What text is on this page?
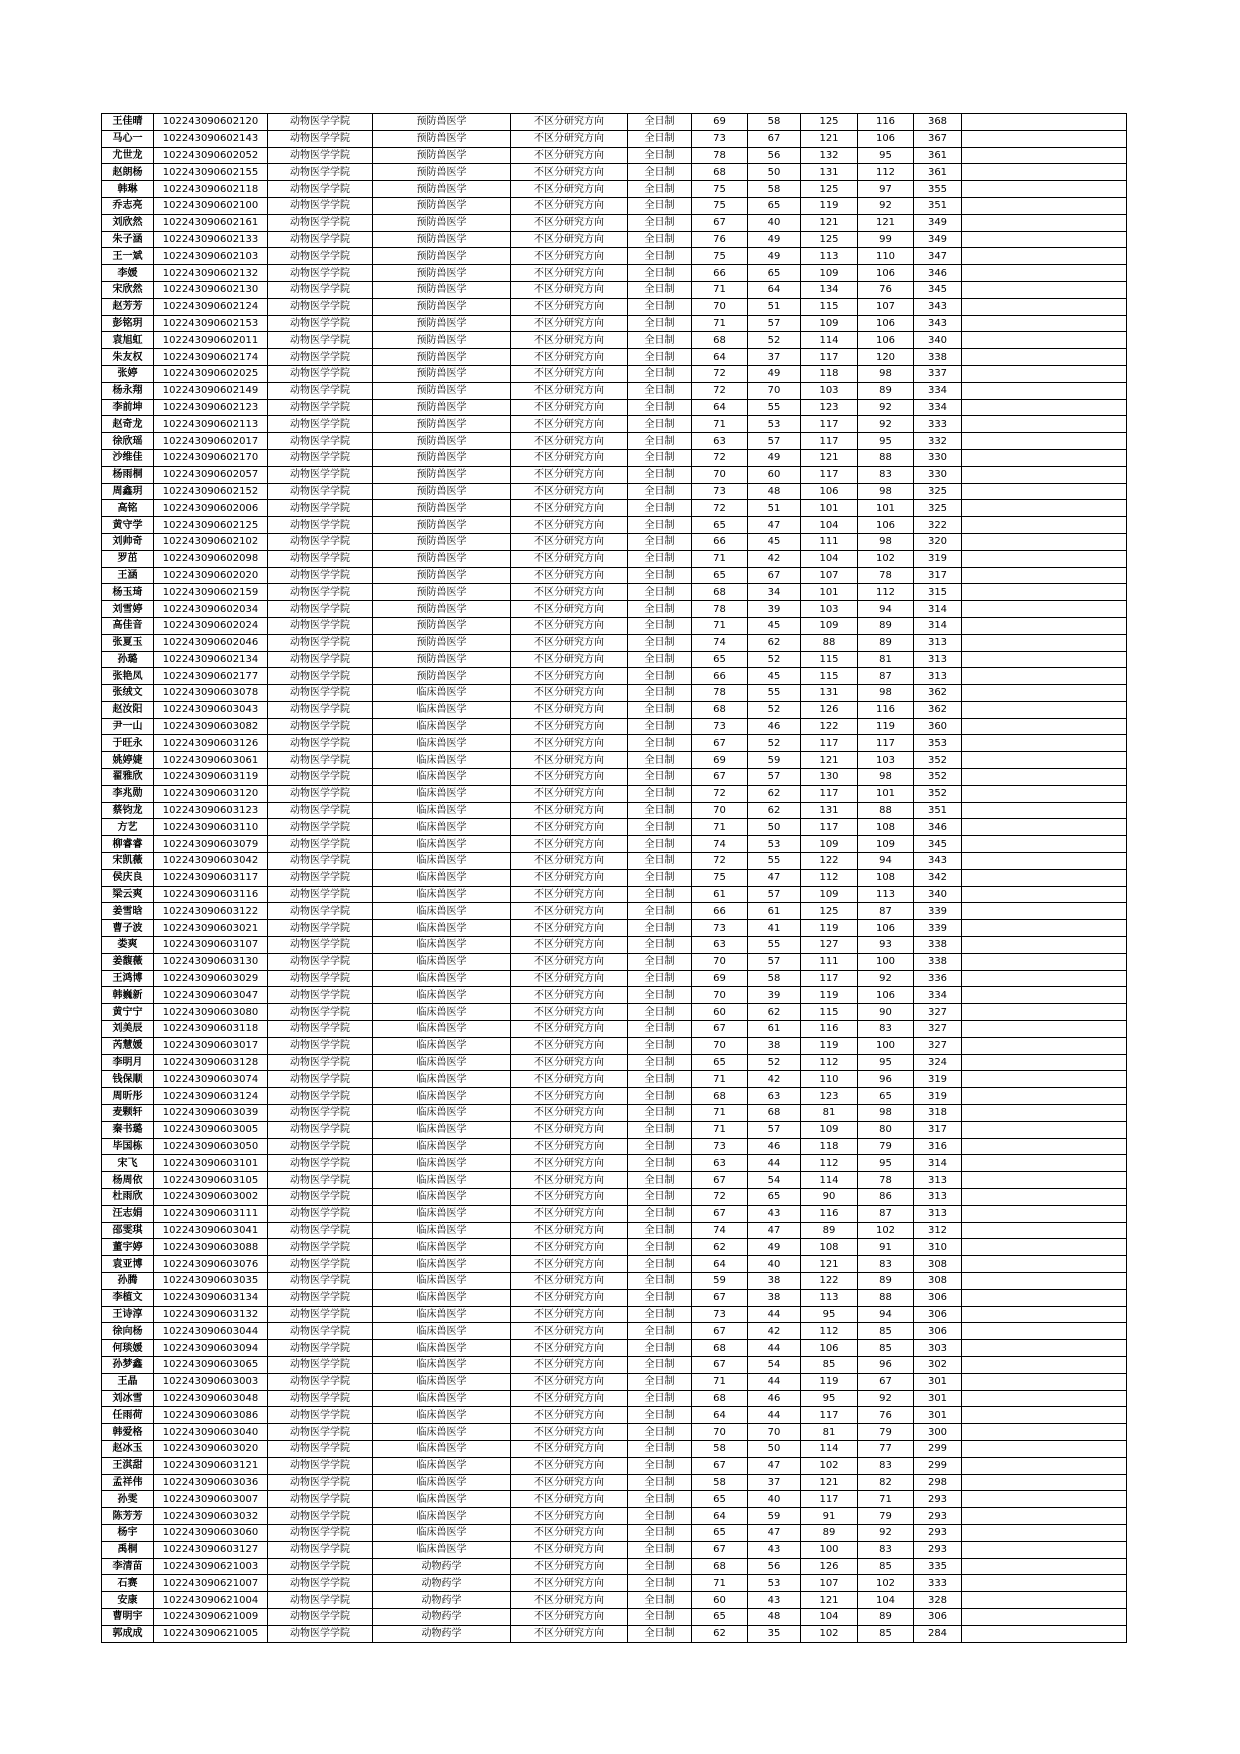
王佳晴	102243090602120	动物医学学院	预防兽医学	不区分研究方向	全日制	69	58	125	116	368	
马心一	102243090602143	动物医学学院	预防兽医学	不区分研究方向	全日制	73	67	121	106	367	
尤世龙	102243090602052	动物医学学院	预防兽医学	不区分研究方向	全日制	78	56	132	95	361	
赵朗杨	102243090602155	动物医学学院	预防兽医学	不区分研究方向	全日制	68	50	131	112	361	
韩琳	102243090602118	动物医学学院	预防兽医学	不区分研究方向	全日制	75	58	125	97	355	
乔志亮	102243090602100	动物医学学院	预防兽医学	不区分研究方向	全日制	75	65	119	92	351	
刘欣然	102243090602161	动物医学学院	预防兽医学	不区分研究方向	全日制	67	40	121	121	349	
朱子涵	102243090602133	动物医学学院	预防兽医学	不区分研究方向	全日制	76	49	125	99	349	
王一斌	102243090602103	动物医学学院	预防兽医学	不区分研究方向	全日制	75	49	113	110	347	
李媛	102243090602132	动物医学学院	预防兽医学	不区分研究方向	全日制	66	65	109	106	346	
宋欣然	102243090602130	动物医学学院	预防兽医学	不区分研究方向	全日制	71	64	134	76	345	
赵芳芳	102243090602124	动物医学学院	预防兽医学	不区分研究方向	全日制	70	51	115	107	343	
彭铭玥	102243090602153	动物医学学院	预防兽医学	不区分研究方向	全日制	71	57	109	106	343	
袁旭虹	102243090602011	动物医学学院	预防兽医学	不区分研究方向	全日制	68	52	114	106	340	
朱友权	102243090602174	动物医学学院	预防兽医学	不区分研究方向	全日制	64	37	117	120	338	
张婷	102243090602025	动物医学学院	预防兽医学	不区分研究方向	全日制	72	49	118	98	337	
杨永翔	102243090602149	动物医学学院	预防兽医学	不区分研究方向	全日制	72	70	103	89	334	
李前坤	102243090602123	动物医学学院	预防兽医学	不区分研究方向	全日制	64	55	123	92	334	
赵奇龙	102243090602113	动物医学学院	预防兽医学	不区分研究方向	全日制	71	53	117	92	333	
徐欣瑶	102243090602017	动物医学学院	预防兽医学	不区分研究方向	全日制	63	57	117	95	332	
沙维佳	102243090602170	动物医学学院	预防兽医学	不区分研究方向	全日制	72	49	121	88	330	
杨雨桐	102243090602057	动物医学学院	预防兽医学	不区分研究方向	全日制	70	60	117	83	330	
周鑫玥	102243090602152	动物医学学院	预防兽医学	不区分研究方向	全日制	73	48	106	98	325	
高铭	102243090602006	动物医学学院	预防兽医学	不区分研究方向	全日制	72	51	101	101	325	
黄守学	102243090602125	动物医学学院	预防兽医学	不区分研究方向	全日制	65	47	104	106	322	
刘帅奇	102243090602102	动物医学学院	预防兽医学	不区分研究方向	全日制	66	45	111	98	320	
罗茁	102243090602098	动物医学学院	预防兽医学	不区分研究方向	全日制	71	42	104	102	319	
王涵	102243090602020	动物医学学院	预防兽医学	不区分研究方向	全日制	65	67	107	78	317	
杨玉琦	102243090602159	动物医学学院	预防兽医学	不区分研究方向	全日制	68	34	101	112	315	
刘雪婷	102243090602034	动物医学学院	预防兽医学	不区分研究方向	全日制	78	39	103	94	314	
高佳音	102243090602024	动物医学学院	预防兽医学	不区分研究方向	全日制	71	45	109	89	314	
张夏玉	102243090602046	动物医学学院	预防兽医学	不区分研究方向	全日制	74	62	88	89	313	
孙璐	102243090602134	动物医学学院	预防兽医学	不区分研究方向	全日制	65	52	115	81	313	
张艳凤	102243090602177	动物医学学院	预防兽医学	不区分研究方向	全日制	66	45	115	87	313	
张绒文	102243090603078	动物医学学院	临床兽医学	不区分研究方向	全日制	78	55	131	98	362	
赵汝阳	102243090603043	动物医学学院	临床兽医学	不区分研究方向	全日制	68	52	126	116	362	
尹一山	102243090603082	动物医学学院	临床兽医学	不区分研究方向	全日制	73	46	122	119	360	
于旺永	102243090603126	动物医学学院	临床兽医学	不区分研究方向	全日制	67	52	117	117	353	
姚婷婕	102243090603061	动物医学学院	临床兽医学	不区分研究方向	全日制	69	59	121	103	352	
翟雅欣	102243090603119	动物医学学院	临床兽医学	不区分研究方向	全日制	67	57	130	98	352	
李兆勋	102243090603120	动物医学学院	临床兽医学	不区分研究方向	全日制	72	62	117	101	352	
蔡钧龙	102243090603123	动物医学学院	临床兽医学	不区分研究方向	全日制	70	62	131	88	351	
方艺	102243090603110	动物医学学院	临床兽医学	不区分研究方向	全日制	71	50	117	108	346	
柳睿睿	102243090603079	动物医学学院	临床兽医学	不区分研究方向	全日制	74	53	109	109	345	
宋凯薇	102243090603042	动物医学学院	临床兽医学	不区分研究方向	全日制	72	55	122	94	343	
侯庆良	102243090603117	动物医学学院	临床兽医学	不区分研究方向	全日制	75	47	112	108	342	
梁云爽	102243090603116	动物医学学院	临床兽医学	不区分研究方向	全日制	61	57	109	113	340	
姜雪晗	102243090603122	动物医学学院	临床兽医学	不区分研究方向	全日制	66	61	125	87	339	
曹子波	102243090603021	动物医学学院	临床兽医学	不区分研究方向	全日制	73	41	119	106	339	
娄爽	102243090603107	动物医学学院	临床兽医学	不区分研究方向	全日制	63	55	127	93	338	
姜馥薇	102243090603130	动物医学学院	临床兽医学	不区分研究方向	全日制	70	57	111	100	338	
王鸿博	102243090603029	动物医学学院	临床兽医学	不区分研究方向	全日制	69	58	117	92	336	
韩巍新	102243090603047	动物医学学院	临床兽医学	不区分研究方向	全日制	70	39	119	106	334	
黄宁宁	102243090603080	动物医学学院	临床兽医学	不区分研究方向	全日制	60	62	115	90	327	
刘美辰	102243090603118	动物医学学院	临床兽医学	不区分研究方向	全日制	67	61	116	83	327	
芮慧媛	102243090603017	动物医学学院	临床兽医学	不区分研究方向	全日制	70	38	119	100	327	
李明月	102243090603128	动物医学学院	临床兽医学	不区分研究方向	全日制	65	52	112	95	324	
钱保顺	102243090603074	动物医学学院	临床兽医学	不区分研究方向	全日制	71	42	110	96	319	
周昕彤	102243090603124	动物医学学院	临床兽医学	不区分研究方向	全日制	68	63	123	65	319	
麦颗轩	102243090603039	动物医学学院	临床兽医学	不区分研究方向	全日制	71	68	81	98	318	
秦书璐	102243090603005	动物医学学院	临床兽医学	不区分研究方向	全日制	71	57	109	80	317	
毕国栋	102243090603050	动物医学学院	临床兽医学	不区分研究方向	全日制	73	46	118	79	316	
宋飞	102243090603101	动物医学学院	临床兽医学	不区分研究方向	全日制	63	44	112	95	314	
杨周依	102243090603105	动物医学学院	临床兽医学	不区分研究方向	全日制	67	54	114	78	313	
杜雨欣	102243090603002	动物医学学院	临床兽医学	不区分研究方向	全日制	72	65	90	86	313	
汪志娟	102243090603111	动物医学学院	临床兽医学	不区分研究方向	全日制	67	43	116	87	313	
邵雯琪	102243090603041	动物医学学院	临床兽医学	不区分研究方向	全日制	74	47	89	102	312	
董宇婷	102243090603088	动物医学学院	临床兽医学	不区分研究方向	全日制	62	49	108	91	310	
袁亚博	102243090603076	动物医学学院	临床兽医学	不区分研究方向	全日制	64	40	121	83	308	
孙腾	102243090603035	动物医学学院	临床兽医学	不区分研究方向	全日制	59	38	122	89	308	
李植文	102243090603134	动物医学学院	临床兽医学	不区分研究方向	全日制	67	38	113	88	306	
王诗淳	102243090603132	动物医学学院	临床兽医学	不区分研究方向	全日制	73	44	95	94	306	
徐向杨	102243090603044	动物医学学院	临床兽医学	不区分研究方向	全日制	67	42	112	85	306	
何琰媛	102243090603094	动物医学学院	临床兽医学	不区分研究方向	全日制	68	44	106	85	303	
孙梦鑫	102243090603065	动物医学学院	临床兽医学	不区分研究方向	全日制	67	54	85	96	302	
王晶	102243090603003	动物医学学院	临床兽医学	不区分研究方向	全日制	71	44	119	67	301	
刘冰雪	102243090603048	动物医学学院	临床兽医学	不区分研究方向	全日制	68	46	95	92	301	
任雨荷	102243090603086	动物医学学院	临床兽医学	不区分研究方向	全日制	64	44	117	76	301	
韩爱格	102243090603040	动物医学学院	临床兽医学	不区分研究方向	全日制	70	70	81	79	300	
赵冰玉	102243090603020	动物医学学院	临床兽医学	不区分研究方向	全日制	58	50	114	77	299	
王淇甜	102243090603121	动物医学学院	临床兽医学	不区分研究方向	全日制	67	47	102	83	299	
孟祥伟	102243090603036	动物医学学院	临床兽医学	不区分研究方向	全日制	58	37	121	82	298	
孙雯	102243090603007	动物医学学院	临床兽医学	不区分研究方向	全日制	65	40	117	71	293	
陈芳芳	102243090603032	动物医学学院	临床兽医学	不区分研究方向	全日制	64	59	91	79	293	
杨宇	102243090603060	动物医学学院	临床兽医学	不区分研究方向	全日制	65	47	89	92	293	
禹桐	102243090603127	动物医学学院	临床兽医学	不区分研究方向	全日制	67	43	100	83	293	
李清苗	102243090621003	动物医学学院	动物药学	不区分研究方向	全日制	68	56	126	85	335	
石赛	102243090621007	动物医学学院	动物药学	不区分研究方向	全日制	71	53	107	102	333	
安康	102243090621004	动物医学学院	动物药学	不区分研究方向	全日制	60	43	121	104	328	
曹明宇	102243090621009	动物医学学院	动物药学	不区分研究方向	全日制	65	48	104	89	306	
郭成成	102243090621005	动物医学学院	动物药学	不区分研究方向	全日制	62	35	102	85	284	
